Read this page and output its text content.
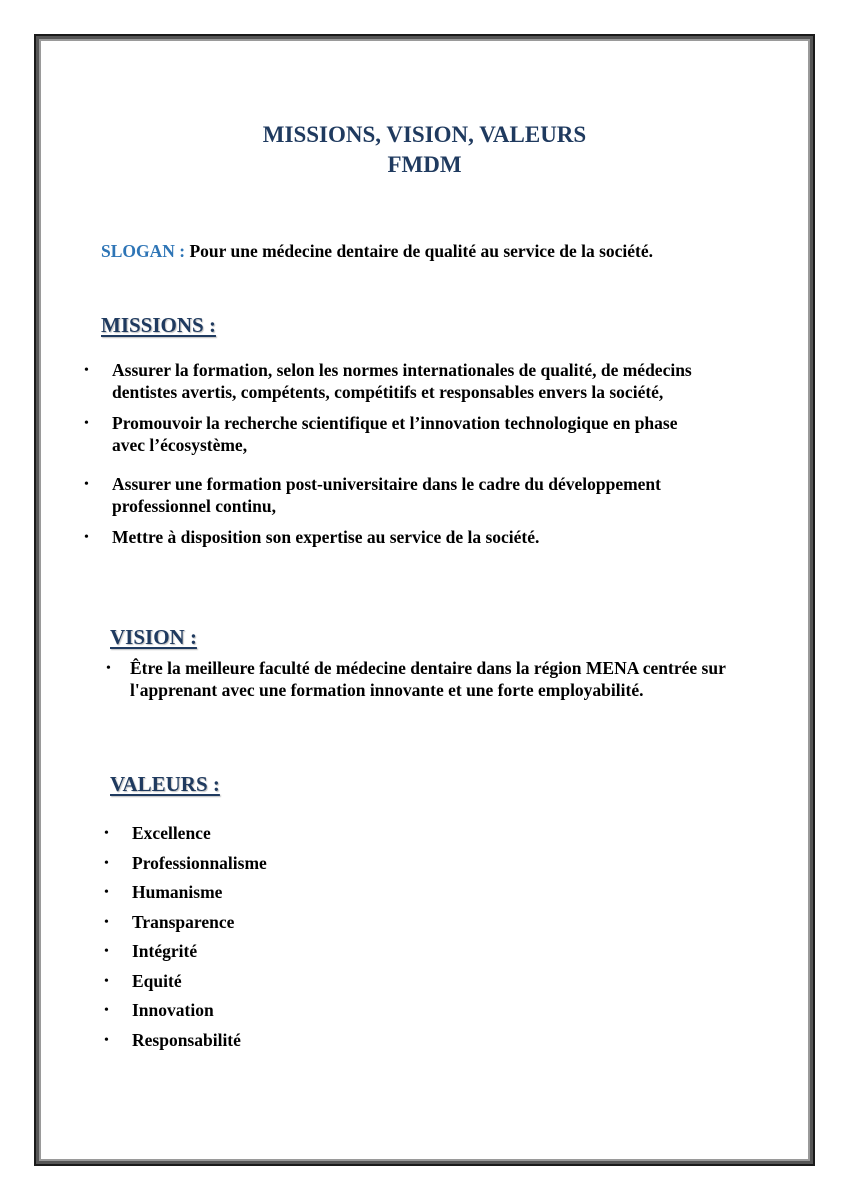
MISSIONS, VISION, VALEURS
FMDM
SLOGAN : Pour une médecine dentaire de qualité au service de la société.
MISSIONS :
• Assurer la formation, selon les normes internationales de qualité, de médecins dentistes avertis, compétents, compétitifs et responsables envers la société,
• Promouvoir la recherche scientifique et l’innovation technologique en phase avec l’écosystème,
• Assurer une formation post-universitaire dans le cadre du développement professionnel continu,
• Mettre à disposition son expertise au service de la société.
VISION :
• Être la meilleure faculté de médecine dentaire dans la région MENA centrée sur l'apprenant avec une formation innovante et une forte employabilité.
VALEURS :
• Excellence
• Professionnalisme
• Humanisme
• Transparence
• Intégrité
• Equité
• Innovation
• Responsabilité
